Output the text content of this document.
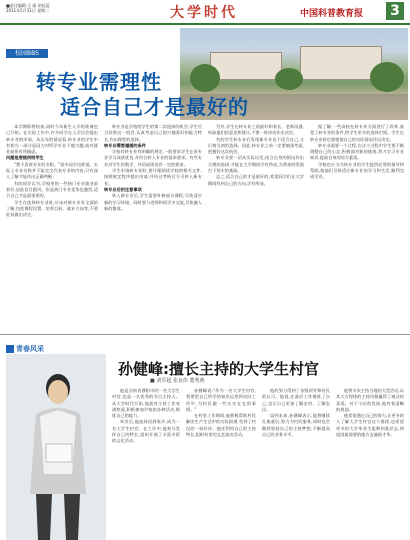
■责任编辑:王 丽 胡佳蕊
2011年5月31日 星期二	大学时代	中国科普教育报 3
校园BBS
转专业需理性
适合自己才是最好的

本学期即将结束,同时今年新生入学的准备也已开始。在实际工作中,许多同学在入学后会提出转专业的申请。从历年的情况看,转专业的学生中有相当一部分是因为对所学专业不感兴趣,或对就业前景有所顾虑。

问题是要提供给学生

"我不喜欢专业的名称。"很多同学这样说。实际上专业名称并不能完全代表专业的内容,只有深入了解才能作出正确判断。

有的同学认为,学校里的一些热门专业就业前景好,因此盲目跟风。但是热门专业竞争也激烈,适合自己才是最重要的。

学生在选择转专业时,应该对新专业有全面的了解,包括课程设置、培养目标、就业方向等,不要轻易做出决定。

转专业是学校给学生的第二次选择的机会,学生应当珍惜这一机会,认真考虑自己的兴趣爱好和能力特长,作出理性的选择。

转专业需要遵循的条件

学校对转专业有明确的规定,一般要求学生在原专业学习成绩优良,并符合转入专业的基本要求。有些专业对学生的数学、外语成绩也有一定的要求。

学生申请转专业时,要仔细阅读学校的相关文件,按照规定程序提出申请,并经过考核后方可转入新专业。

转专业后的注意事项

转入新专业后,学生需要补修部分课程,尽快适应新的学习环境。同时要与老师和同学多交流,尽快融入新的集体。

另外,学生在转专业之前最好和家长、老师沟通,听取他们的意见和建议,不要一时冲动作出决定。

有的学生转专业后发现新专业也不适合自己,又后悔当初的选择。因此,转专业之前一定要慎重考虑,把握好这次机会。

转专业要一切从实际出发,结合自身的情况作出合理的选择,才能在大学期间学有所成,为将来的发展打下坚实的基础。

总之,适合自己的才是最好的,希望同学们在大学期间找到自己的方向,学有所成。

据了解,一些高校在转专业方面进行了改革,放宽了转专业的条件,给学生更多的选择空间。学生在转专业时也要根据自己的实际情况作出决定。

转专业需要一个过程,在这个过程中学生要不断调整自己的心态,积极面对新的挑战,努力学习专业知识,提高自身的综合素质。

学校也应当为转专业的学生提供必要的指导和帮助,使他们尽快适应新专业的学习和生活,顺利完成学业。

青春风采
孙健峰:擅长主持的大学生村官
■ 刘军超 张良伟 董秀燕

他是河南省濮阳市的一名大学生村官,也是一名优秀的节目主持人。从大学时代开始,他就对主持工作充满热爱,积极参加学校的各种活动,锻炼自己的能力。

毕业后,他选择回到家乡,成为一名大学生村官。在工作中,他充分发挥自己的特长,组织开展了丰富多彩的文化活动。

孙健峰说:"作为一名大学生村官,我要把自己所学的知识运用到实际工作中,为村民做一些实实在在的事情。"

在村里工作期间,他积极帮助村民解决生产生活中的实际困难,受到了村民的一致好评。他还利用自己的主持特长,组织村里的文艺演出活动。

他的努力得到了各级领导和村民的认可。他说,在基层工作锻炼了自己,也让自己更加了解农村、了解农民。

谈到未来,孙健峰表示,他将继续扎根基层,努力为村民服务,同时也会继续坚持自己的主持梦想,不断提高自己的业务水平。

他曾多次主持当地的大型活动,以其大方得体的主持风格赢得了观众的喜爱。对于今后的发展,他有着清晰的规划。

他希望通过自己的努力,让更多的人了解大学生村官这个群体,也希望更多的大学毕业生能够到基层去,到祖国最需要的地方去施展才华。
